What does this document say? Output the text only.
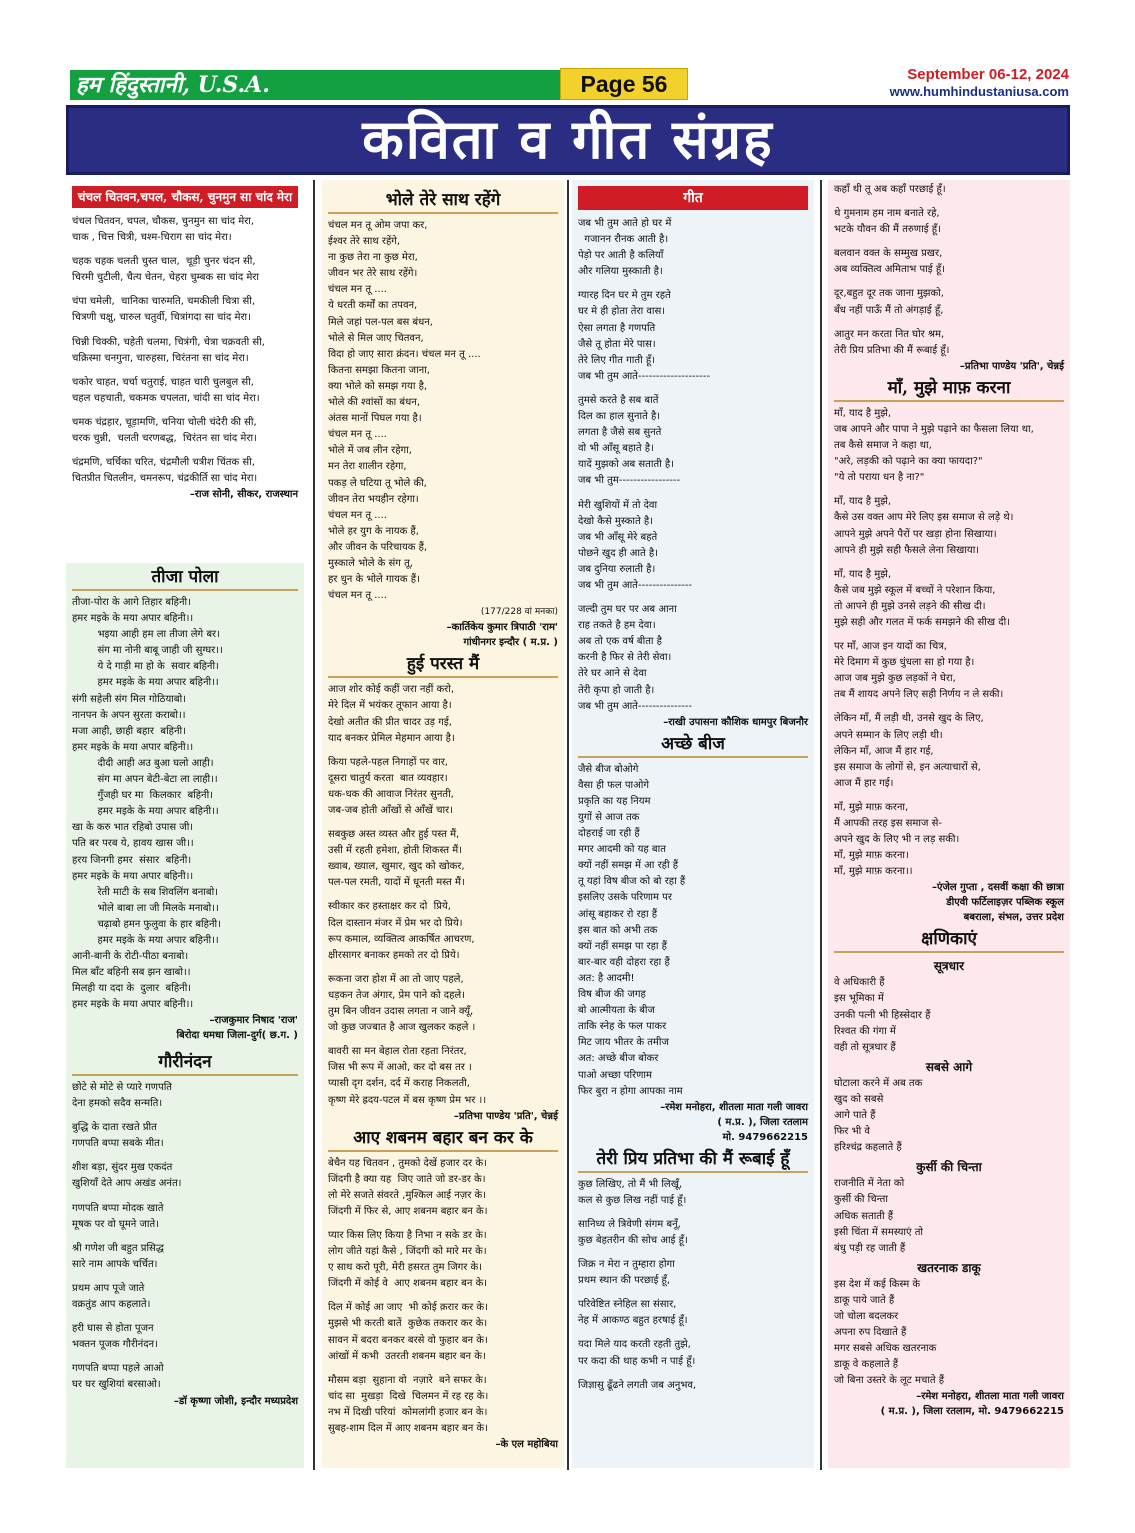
हम हिंदुस्तानी, U.S.A.	Page 56	September 06-12, 2024
www.humhindustaniusa.com
कविता व गीत संग्रह
चंचल चितवन,चपल, चौकस, चुनमुन सा चांद मेरा
चंचल चितवन, चपल, चौकस, चुनमुन सा चांद मेरा,
चाक , चित्त चित्री, चश्म-चिराग सा चांद मेरा।
चहक चहक चलती चुस्त चाल,  चूड़ी चुनर चंदन सी,
चिरमी चुटीली, चैत्य चेतन, चेहरा चुम्बक सा चांद मेरा
चंपा चमेली,  चानिका चारुमति, चमकीली चित्रा सी,
चित्रणी चक्षु, चारुल चतुर्वी, चित्रांगदा सा चांद मेरा।
चिन्नी चिक्की, चहेती चलमा, चित्रंगी, चेत्रा चक्रवती सी,
चक्रिस्मा चनगुना, चारुहसा, चिरंतना सा चांद मेरा।
चकोर चाहत, चर्चा चतुराई, चाहत चारी चुलबुल सी,
चहल चहचाती, चकमक चपलता, चांदी सा चांद मेरा।
चमक चंद्रहार, चूड़ामणि, चनिया चोली चंदेरी की सी,
चरक चुन्नी,  चलती चरणबद्ध,  चिरंतन सा चांद मेरा।
चंद्रमणि, चर्चिका चरित, चंद्रमौली चत्रीश चिंतक सी,
चितप्रीत चितलीन, चमनरूप, चंद्रकीर्ति सा चांद मेरा।
–राज सोनी, सीकर, राजस्थान
तीजा पोला
तीजा-पोरा के आगे तिहार बहिनी।
हमर मइके के मया अपार बहिनी।।
भइया आही हम ला तीजा लेगे बर।
संग मा नोनी बाबू जाही जी सुग्घर।।
ये दे गाड़ी मा हो के  सवार बहिनी।
हमर मइके के मया अपार बहिनी।।
संगी सहेली संग मिल गोठियाबो।
नानपन के अपन सुरता कराबो।।
मजा आही, छाही बहार  बहिनी।
हमर मइके के मया अपार बहिनी।।
दीदी आही अउ बुआ घलो आही।
संग मा अपन बेटी-बेटा ला लाही।।
गुँजही घर मा  किलकार  बहिनी।
हमर मइके के मया अपार बहिनी।।
खा के करु भात रहिबो उपास जी।
पति बर परब ये, हावय खास जी।।
हरय जिनगी हमर  संसार  बहिनी।
हमर मइके के मया अपार बहिनी।।
रेती माटी के सब शिवलिंग बनाबो।
भोले बाबा ला जी मिलके मनाबो।।
चढ़ाबो हमन फुलुवा के हार बहिनी।
हमर मइके के मया अपार बहिनी।।
आनी-बानी के रोटी-पीठा बनाबो।
मिल बाँट बहिनी सब झन खाबो।।
मिलही या ददा के  दुलार  बहिनी।
हमर मइके के मया अपार बहिनी।।
–राजकुमार निषाद 'राज'
बिरोदा धमधा जिला-दुर्ग( छ.ग. )
गौरीनंदन
छोटे से मोटे से प्यारे गणपति
देना हमको सदैव सन्मति।
बुद्धि के दाता रखते प्रीत
गणपति बप्पा सबके मीत।
शीश बड़ा, सुंदर मुख एकदंत
खुशियाँ देते आप अखंड अनंत।
गणपति बप्पा मोदक खाते
मूषक पर वो घूमने जाते।
श्री गणेश जी बहुत प्रसिद्ध
सारे नाम आपके चर्चित।
प्रथम आप पूजे जाते
वक्रतुंड आप कहलाते।
हरी घास से होता पूजन
भक्तन पूजक गौरीनंदन।
गणपति बप्पा पहले आओ
घर घर खुशियां बरसाओ।
–डॉ कृष्णा जोशी, इन्दौर मध्यप्रदेश
भोले तेरे साथ रहेंगे
चंचल मन तू ओम जपा कर,
ईश्वर तेरे साथ रहेंगे,
ना कुछ तेरा ना कुछ मेरा,
जीवन भर तेरे साथ रहेंगे।
चंचल मन तू ....
ये धरती कर्मों का तपवन,
मिले जहां पल-पल बस बंधन,
भोले से मिल जाए चितवन,
विदा हो जाए सारा क्रंदन। चंचल मन तू ....
कितना समझा कितना जाना,
क्या भोले को समझ गया है,
भोले की श्वांसों का बंधन,
अंतस मानों पिघल गया है।
चंचल मन तू ....
भोले में जब लीन रहेगा,
मन तेरा शालीन रहेगा,
पकड़ ले घटिया तू भोले की,
जीवन तेरा भयहीन रहेगा।
चंचल मन तू ....
भोले हर युग के नायक हैं,
और जीवन के परिचायक हैं,
मुस्काले भोले के संग तू,
हर धुन के भोले गायक हैं।
चंचल मन तू ....
(177/228 वां मनका)
–कार्तिकेय कुमार त्रिपाठी 'राम'
गांधीनगर इन्दौर ( म.प्र. )
हुई परस्त मैं
आज शोर कोई कहीं जरा नहीं करो,
मेरे दिल में भयंकर तूफान आया है।
देखो अतीत की प्रीत चादर उड़ गई,
याद बनकर प्रेमिल मेहमान आया है।
किया पहले-पहल निगाहों पर वार,
दूसरा चातुर्य करता  बात व्यवहार।
धक-धक की आवाज निरंतर सुनती,
जब-जब होती आँखों से आँखें चार।
सबकुछ अस्त व्यस्त और हुई पस्त मैं,
उसी में रहती हमेशा, होती शिकस्त मैं।
ख्वाब, ख्याल, खुमार, खुद को खोकर,
पल-पल रमती, यादों में धूनती मस्त मैं।
स्वीकार कर हस्ताक्षर कर दो  प्रिये,
दिल दास्तान मंजर में प्रेम भर दो प्रिये।
रूप कमाल, व्यक्तित्व आकर्षित आचरण,
क्षीरसागर बनाकर हमको तर दो प्रिये।
रूकना जरा होश में आ तो जाए पहले,
धड़कन तेज अंगार, प्रेम पाने को दहले।
तुम बिन जीवन उदास लगता न जाने क्यूँ,
जो कुछ जज्बात है आज खुलकर कहले ।
बावरी सा मन बेहाल रोता रहता निरंतर,
जिस भी रूप में आओ, कर दो बस तर ।
प्यासी दृग दर्शन, दर्द में कराह निकलती,
कृष्ण मेरे ह्रदय-पटल में बस कृष्ण प्रेम भर ।।
–प्रतिभा पाण्डेय 'प्रति', चेन्नई
आए शबनम बहार बन कर के
बेचैन यह चितवन , तुमको देखें हजार दर के।
जिंदगी है क्या यह  जिए जाते जो डर-डर के।
लो मेरे सजते संवरते ,मुश्किल आई नज़र के।
जिंदगी में फिर से, आए शबनम बहार बन के।
प्यार किस लिए किया है निभा न सके डर के।
लोग जीते यहां कैसे , जिंदगी को मारे मर के।
ए साथ करो पूरी, मेरी हसरत तुम जिगर के।
जिंदगी में कोई वे  आए शबनम बहार बन के।
दिल में कोई आ जाए  भी कोई क़रार कर के।
मुझसे भी करती बातें  कुछेक तकरार कर के।
सावन में बदरा बनकर बरसे वो फुहार बन के।
आंखों में कभी  उतरती शबनम बहार बन के।
मौसम बड़ा  सुहाना वो  नज़ारे  बने सफर के।
चांद सा  मुखड़ा  दिखे  चिलमन में रह रह के।
नभ में दिखी परियां  कोमलांगी हजार बन के।
सुबह-शाम दिल में आए शबनम बहार बन के।
–के एल महोबिया
गीत
जब भी तुम आते हो घर में
गजानन रौनक आती है।
पेड़ो पर आती है कलियाँ
और गलिया मुस्काती है।
ग्यारह दिन घर मे तुम रहते
घर मे ही होता तेरा वास।
ऐसा लगता है गणपति
जैसे तू होता मेरे पास।
तेरे लिए गीत गाती हूँ।
जब भी तुम आते--------------------
तुमसे करते है सब बातें
दिल का हाल सुनाते है।
लगता है जैसे सब सुनते
वो भी आँसू बहाते है।
यादें मुझको अब सताती है।
जब भी तुम-----------------
मेरी खुशियों में तो देवा
देखो कैसे मुस्काते है।
जब भी आँसू मेरे बहते
पोछने खुद ही आते है।
जब दुनिया रुलाती है।
जब भी तुम आते---------------
जल्दी तुम घर पर अब आना
राह तकते है हम देवा।
अब तो एक वर्ष बीता है
करनी है फिर से तेरी सेवा।
तेरे घर आने से देवा
तेरी कृपा हो जाती है।
जब भी तुम आते---------------
–राखी उपासना कौशिक धामपुर बिजनौर
अच्छे बीज
जैसे बीज बोओगे
वैसा ही फल पाओगे
प्रकृति का यह नियम
युगों से आज तक
दोहराई जा रही हैं
मगर आदमी को यह बात
क्यों नहीं समझ में आ रही हैं
तू यहां विष बीज को बो रहा हैं
इसलिए उसके परिणाम पर
आंसू बहाकर रो रहा हैं
इस बात को अभी तक
क्यों नहीं समझ पा रहा हैं
बार-बार वही दोहरा रहा हैं
अत: है आदमी!
विष बीज की जगह
बो आत्मीयता के बीज
ताकि स्नेह के फल पाकर
मिट जाय भीतर के तमीज
अत: अच्छे बीज बोकर
पाओ अच्छा परिणाम
फिर बुरा न होगा आपका नाम
–रमेश मनोहरा, शीतला माता गली जावरा
( म.प्र. ), जिला रतलाम
मो. 9479662215
तेरी प्रिय प्रतिभा की मैं रूबाई हूँ
कुछ लिखिए, तो मैं भी लिखूँ,
कल से कुछ लिख नहीं पाई हूँ।
सानिध्य ले त्रिवेणी संगम बनूँ,
कुछ बेहतरीन की सोच आई हूँ।
जिक्र न मेरा न तुम्हारा होगा
प्रथम स्थान की परछाई हूँ,
परिवेष्टित स्नेहिल सा संसार,
नेह में आकण्ठ बहुत हरषाई हूँ।
यदा मिले याद करती रहती तुझे,
पर कदा की थाह कभी न पाई हूँ।
जिज्ञासु ढूँढने लगती जब अनुभव,
कहाँ थी तू अब कहाँ परछाई हूँ।
थे गुमनाम हम नाम बनाते रहे,
भटके यौवन की मैं तरुणाई हूँ।
बलवान वक्त के सम्मुख प्रखर,
अब व्यक्तित्व अमिताभ पाई हूँ।
दूर,बहुत दूर तक जाना मुझको,
बँध नहीं पाऊँ मैं तो अंगड़ाई हूँ,
आतुर मन करता नित घोर श्रम,
तेरी प्रिय प्रतिभा की मैं रूबाई हूँ।
–प्रतिभा पाण्डेय 'प्रति', चेन्नई
माँ, मुझे माफ़ करना
माँ, याद है मुझे,
जब आपने और पापा ने मुझे पढ़ाने का फैसला लिया था,
तब कैसे समाज ने कहा था,
"अरे, लड़की को पढ़ाने का क्या फायदा?"
"ये तो पराया धन है ना?"
माँ, याद है मुझे,
कैसे उस वक्त आप मेरे लिए इस समाज से लड़े थे।
आपने मुझे अपने पैरों पर खड़ा होना सिखाया।
आपने ही मुझे सही फैसले लेना सिखाया।
माँ, याद है मुझे,
कैसे जब मुझे स्कूल में बच्चों ने परेशान किया,
तो आपने ही मुझे उनसे लड़ने की सीख दी।
मुझे सही और गलत में फर्क समझने की सीख दी।
पर माँ, आज इन यादों का चित्र,
मेरे दिमाग में कुछ धुंधला सा हो गया है।
आज जब मुझे कुछ लड़कों ने घेरा,
तब मैं शायद अपने लिए सही निर्णय न ले सकी।
लेकिन माँ, मैं लड़ी थी, उनसे खुद के लिए,
अपने सम्मान के लिए लड़ी थी।
लेकिन माँ, आज मैं हार गई,
इस समाज के लोगों से, इन अत्याचारों से,
आज मैं हार गई।
माँ, मुझे माफ़ करना,
मैं आपकी तरह इस समाज से-
अपने खुद के लिए भी न लड़ सकी।
माँ, मुझे माफ़ करना।
माँ, मुझे माफ़ करना।।
–एंजेल गुप्ता , दसवीं कक्षा की छात्रा
डीएवी फर्टिलाइज़र पब्लिक स्कूल
बबराला, संभल, उत्तर प्रदेश
क्षणिकाएं
सूत्रधार
वे अधिकारी हैं
इस भूमिका में
उनकी पत्नी भी हिस्सेदार हैं
रिश्वत की गंगा में
वही तो सूत्रधार हैं
सबसे आगे
घोटाला करने में अब तक
खुद को सबसे
आगे पाते हैं
फिर भी वे
हरिश्चंद्र कहलाते हैं
कुर्सी की चिन्ता
राजनीति में नेता को
कुर्सी की चिन्ता
अधिक सताती हैं
इसी चिंता में समस्याएं तो
बंधु पड़ी रह जाती हैं
खतरनाक डाकू
इस देश में कई किस्म के
डाकू पाये जाते हैं
जो चोला बदलकर
अपना रुप दिखाते हैं
मगर सबसे अधिक खतरनाक
डाकू वे कहलाते हैं
जो बिना उस्तरे के लूट मचाते हैं
–रमेश मनोहरा, शीतला माता गली जावरा
( म.प्र. ), जिला रतलाम, मो. 9479662215
